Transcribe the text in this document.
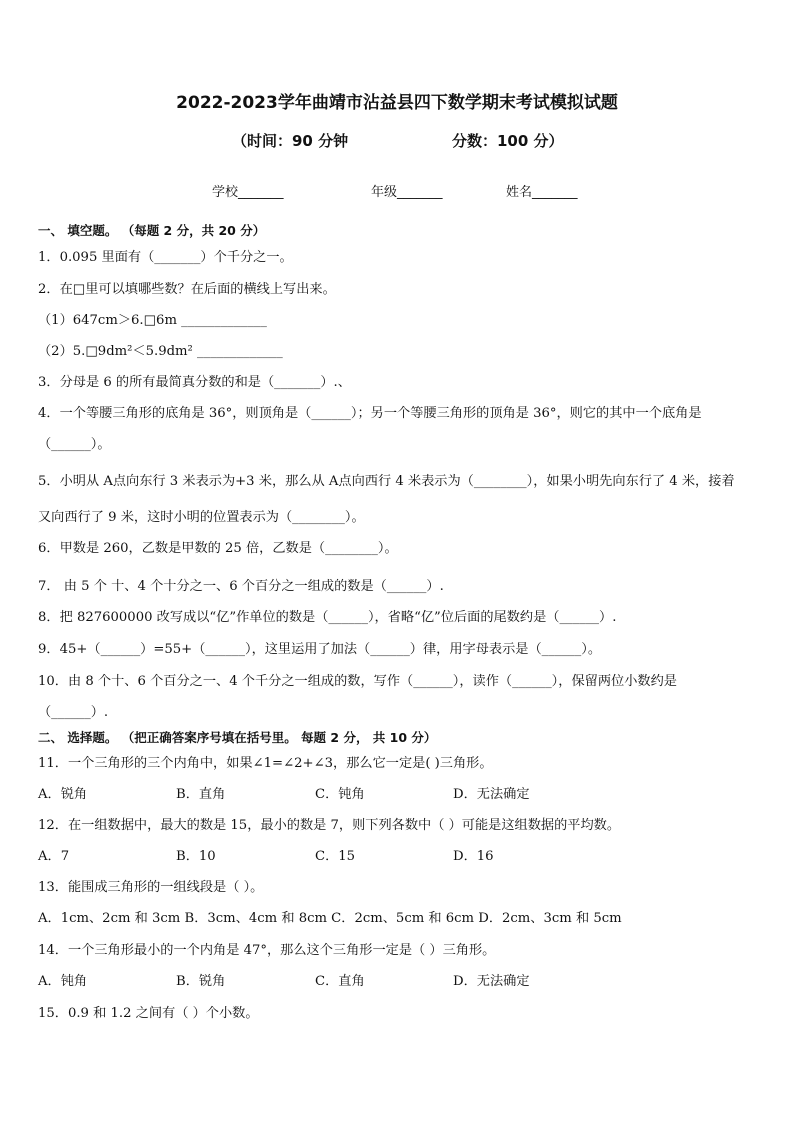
2022-2023学年曲靖市沾益县四下数学期末考试模拟试题
（时间：90 分钟	分数：100 分）
学校_______	年级_______	姓名_______
一、 填空题。 （每题 2 分，共 20 分）
1．0.095 里面有（_______）个千分之一。
2．在□里可以填哪些数？在后面的横线上写出来。
（1）647cm＞6.□6m _____________
（2）5.□9dm²＜5.9dm² _____________
3．分母是 6 的所有最简真分数的和是（_______）.、
4．一个等腰三角形的底角是 36°，则顶角是（______）；另一个等腰三角形的顶角是 36°，则它的其中一个底角是
（______）。
5．小明从 A点向东行 3 米表示为+3 米，那么从 A点向西行 4 米表示为（________），如果小明先向东行了 4 米，接着
又向西行了 9 米，这时小明的位置表示为（________）。
6．甲数是 260，乙数是甲数的 25 倍，乙数是（________）。
7． 由 5 个 十、4 个十分之一、6 个百分之一组成的数是（______）.
8．把 827600000 改写成以“亿”作单位的数是（______），省略“亿”位后面的尾数约是（______）.
9．45+（______）=55+（______），这里运用了加法（______）律，用字母表示是（______）。
10．由 8 个十、6 个百分之一、4 个千分之一组成的数，写作（______），读作（______），保留两位小数约是
（______）.
二、 选择题。 （把正确答案序号填在括号里。 每题 2 分， 共 10 分）
11．一个三角形的三个内角中，如果∠1=∠2+∠3，那么它一定是( )三角形。
A．锐角	B．直角	C．钝角	D．无法确定
12．在一组数据中，最大的数是 15，最小的数是 7，则下列各数中（ ）可能是这组数据的平均数。
A．7	B．10	C．15	D．16
13．能围成三角形的一组线段是（ ）。
A．1cm、2cm 和 3cm B．3cm、4cm 和 8cm C．2cm、5cm 和 6cm D．2cm、3cm 和 5cm
14．一个三角形最小的一个内角是 47°，那么这个三角形一定是（ ）三角形。
A．钝角	B．锐角	C．直角	D．无法确定
15．0.9 和 1.2 之间有（ ）个小数。
